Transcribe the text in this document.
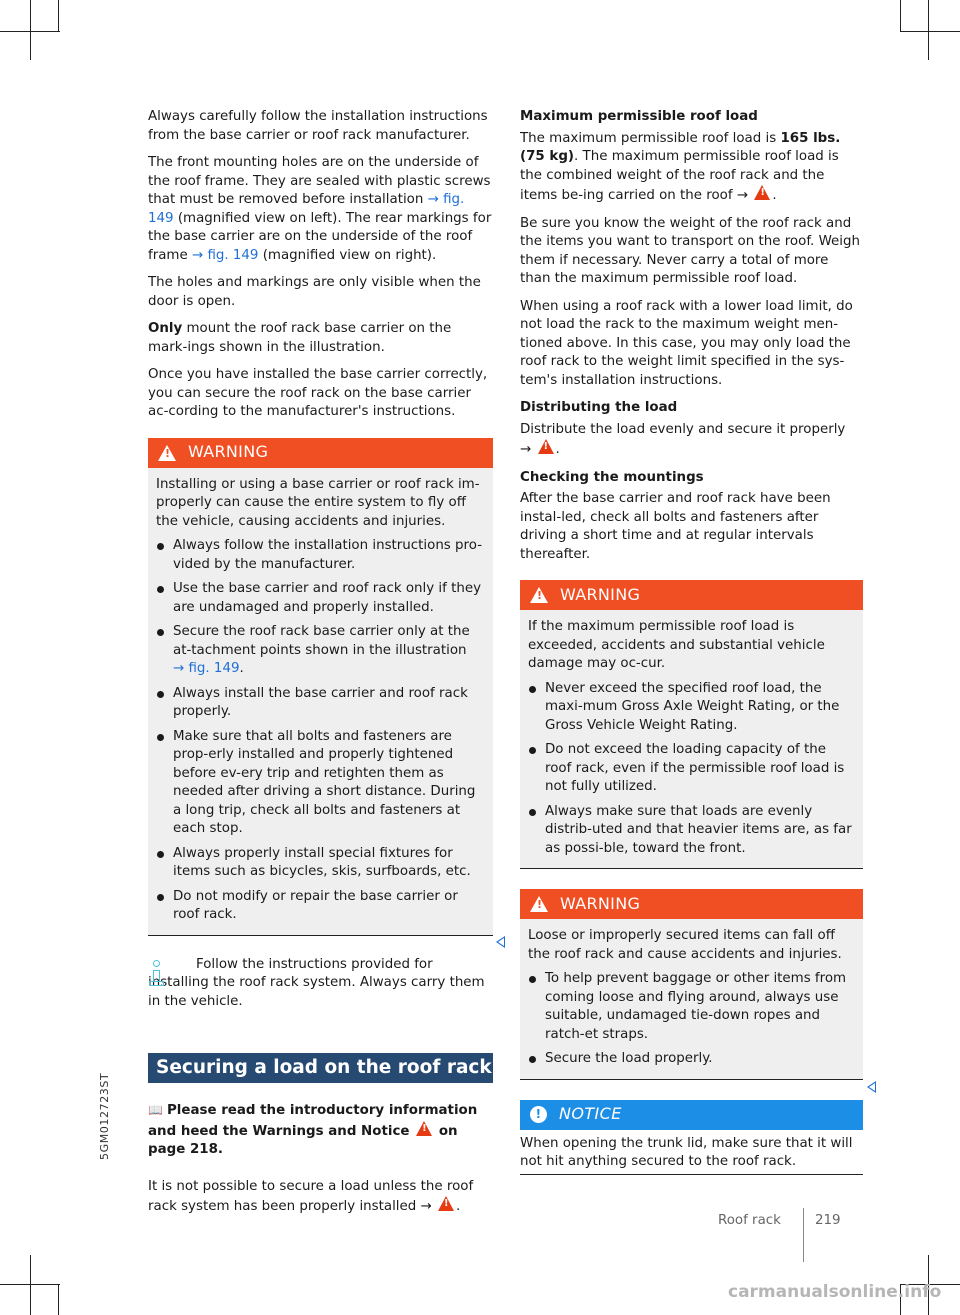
5GM012723ST

Always carefully follow the installation instructions from the base carrier or roof rack manufacturer.

The front mounting holes are on the underside of the roof frame. They are sealed with plastic screws that must be removed before installation → fig. 149 (magnified view on left). The rear markings for the base carrier are on the underside of the roof frame → fig. 149 (magnified view on right).

The holes and markings are only visible when the door is open.

Only mount the roof rack base carrier on the mark-ings shown in the illustration.

Once you have installed the base carrier correctly, you can secure the roof rack on the base carrier ac-cording to the manufacturer's instructions.

!
WARNING

Installing or using a base carrier or roof rack im-properly can cause the entire system to fly off the vehicle, causing accidents and injuries.

Always follow the installation instructions pro-vided by the manufacturer.
Use the base carrier and roof rack only if they are undamaged and properly installed.
Secure the roof rack base carrier only at the at-tachment points shown in the illustration
→ fig. 149.
Always install the base carrier and roof rack properly.
Make sure that all bolts and fasteners are prop-erly installed and properly tightened before ev-ery trip and retighten them as needed after driving a short distance. During a long trip, check all bolts and fasteners at each stop.
Always properly install special fixtures for items such as bicycles, skis, surfboards, etc.
Do not modify or repair the base carrier or roof rack.

Follow the instructions provided for installing the roof rack system. Always carry them in the vehicle.

Securing a load on the roof rack

📖 Please read the introductory information and heed the Warnings and Notice ! on page 218.

It is not possible to secure a load unless the roof rack system has been properly installed → ! .

Maximum permissible roof load

The maximum permissible roof load is 165 lbs. (75 kg). The maximum permissible roof load is the combined weight of the roof rack and the items be-ing carried on the roof → ! .

Be sure you know the weight of the roof rack and the items you want to transport on the roof. Weigh them if necessary. Never carry a total of more than the maximum permissible roof load.

When using a roof rack with a lower load limit, do not load the rack to the maximum weight men-tioned above. In this case, you may only load the roof rack to the weight limit specified in the sys-tem's installation instructions.

Distributing the load

Distribute the load evenly and secure it properly
→ ! .

Checking the mountings

After the base carrier and roof rack have been instal-led, check all bolts and fasteners after driving a short time and at regular intervals thereafter.

!
WARNING

If the maximum permissible roof load is exceeded, accidents and substantial vehicle damage may oc-cur.

Never exceed the specified roof load, the maxi-mum Gross Axle Weight Rating, or the Gross Vehicle Weight Rating.
Do not exceed the loading capacity of the roof rack, even if the permissible roof load is not fully utilized.
Always make sure that loads are evenly distrib-uted and that heavier items are, as far as possi-ble, toward the front.
!
WARNING

Loose or improperly secured items can fall off the roof rack and cause accidents and injuries.

To help prevent baggage or other items from coming loose and flying around, always use suitable, undamaged tie-down ropes and ratch-et straps.
Secure the load properly.
!	NOTICE

When opening the trunk lid, make sure that it will not hit anything secured to the roof rack.

Roof rack	219
carmanualsonline.info
